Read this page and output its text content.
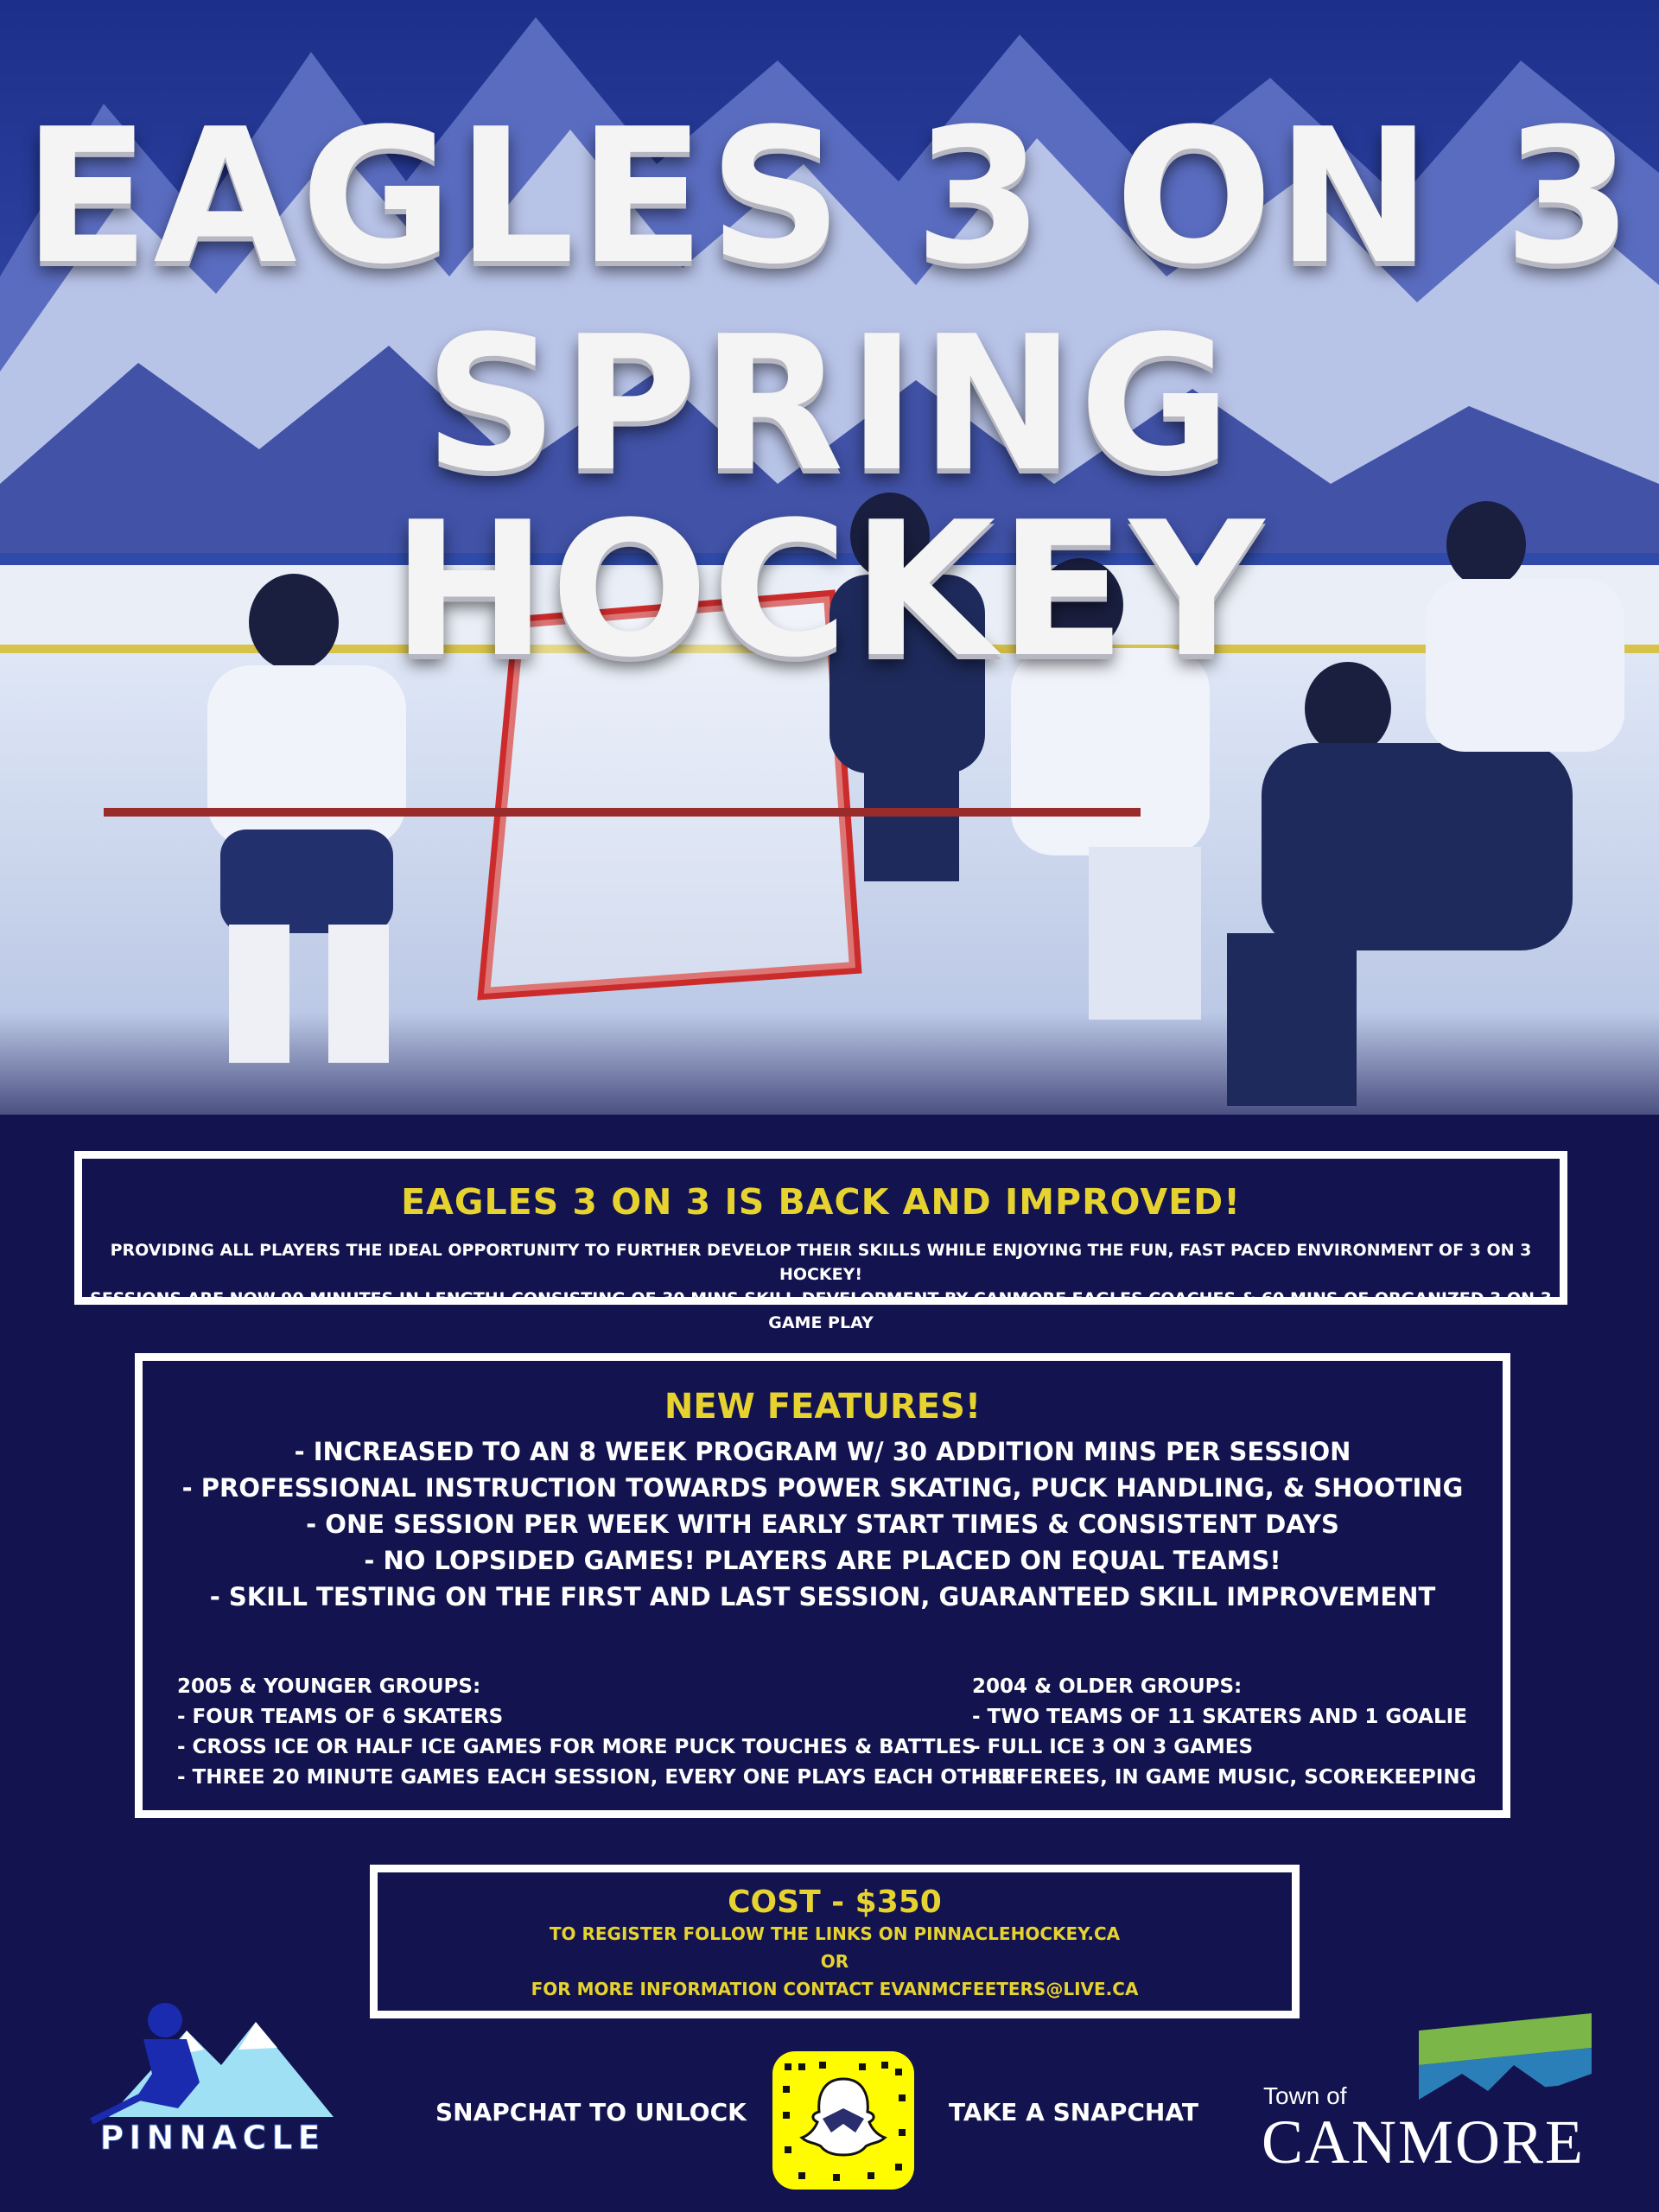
EAGLES 3 ON 3
SPRING HOCKEY
EAGLES 3 ON 3 IS BACK AND IMPROVED!
PROVIDING ALL PLAYERS THE IDEAL OPPORTUNITY TO FURTHER DEVELOP THEIR SKILLS WHILE ENJOYING THE FUN, FAST PACED ENVIRONMENT OF 3 ON 3 HOCKEY!
SESSIONS ARE NOW 90 MINUTES IN LENGTH! CONSISTING OF 30 MINS SKILL DEVELOPMENT BY CANMORE EAGLES COACHES & 60 MINS OF ORGANIZED 3 ON 3 GAME PLAY
NEW FEATURES!
- INCREASED TO AN 8 WEEK PROGRAM W/ 30 ADDITION MINS PER SESSION
- PROFESSIONAL INSTRUCTION TOWARDS POWER SKATING, PUCK HANDLING, & SHOOTING
- ONE SESSION PER WEEK WITH EARLY START TIMES & CONSISTENT DAYS
- NO LOPSIDED GAMES! PLAYERS ARE PLACED ON EQUAL TEAMS!
- SKILL TESTING ON THE FIRST AND LAST SESSION, GUARANTEED SKILL IMPROVEMENT
2005 & YOUNGER GROUPS:
- FOUR TEAMS OF 6 SKATERS
- CROSS ICE OR HALF ICE GAMES FOR MORE PUCK TOUCHES & BATTLES
- THREE 20 MINUTE GAMES EACH SESSION, EVERY ONE PLAYS EACH OTHER
2004 & OLDER GROUPS:
- TWO TEAMS OF 11 SKATERS AND 1 GOALIE
- FULL ICE 3 ON 3 GAMES
- REFEREES, IN GAME MUSIC, SCOREKEEPING
COST - $350
TO REGISTER FOLLOW THE LINKS ON PINNACLEHOCKEY.CA
OR
FOR MORE INFORMATION CONTACT EVANMCFEETERS@LIVE.CA
PINNACLE
SNAPCHAT TO UNLOCK	TAKE A SNAPCHAT
Town of
CANMORE
